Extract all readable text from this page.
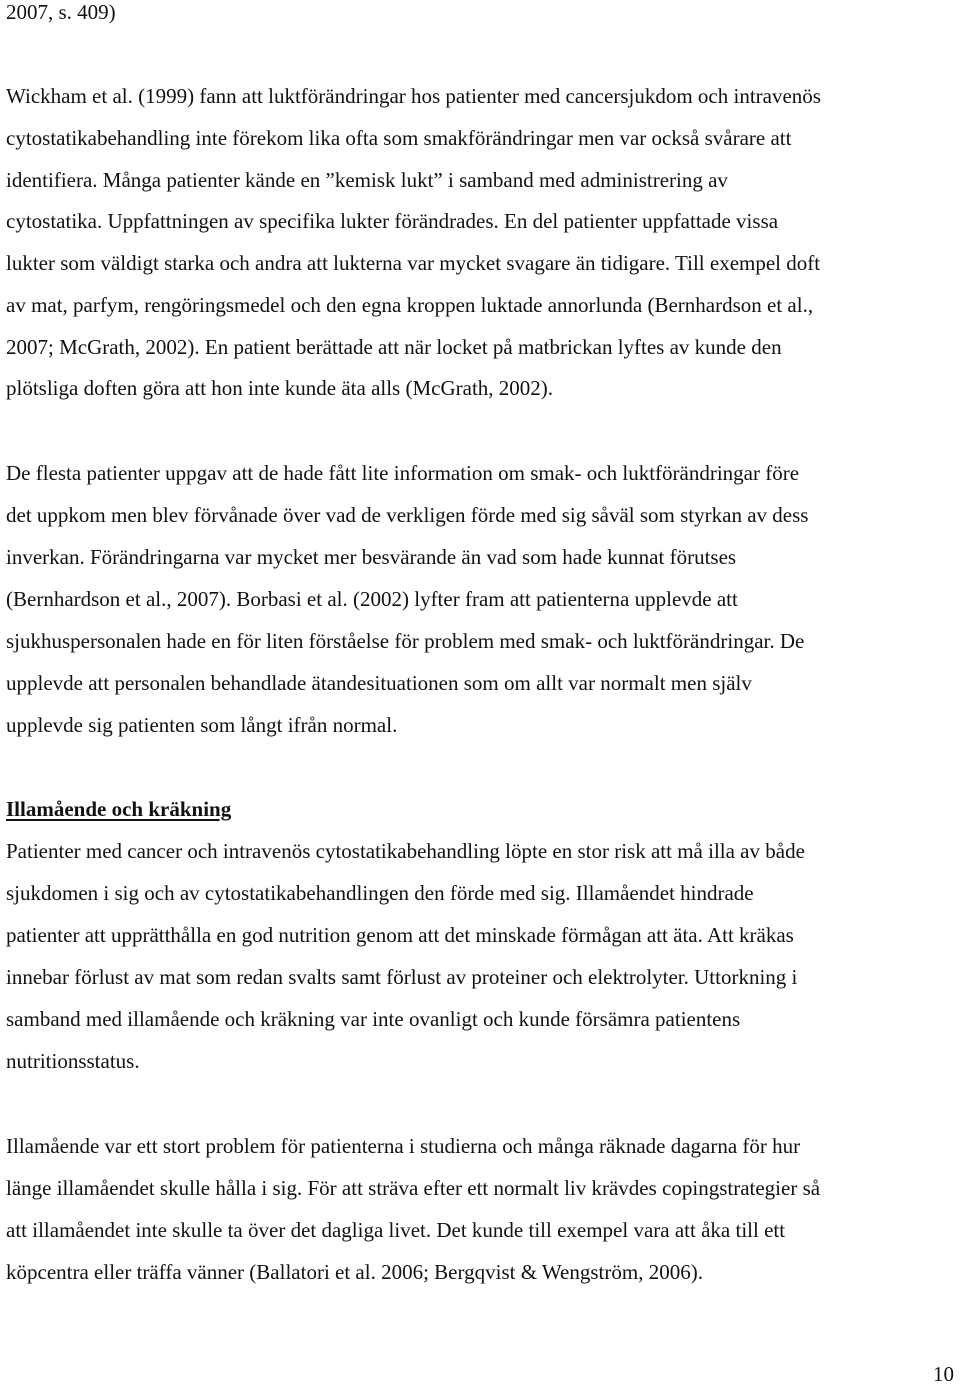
2007, s. 409)
Wickham et al. (1999) fann att luktförändringar hos patienter med cancersjukdom och intravenös
cytostatikabehandling inte förekom lika ofta som smakförändringar men var också svårare att
identifiera. Många patienter kände en ”kemisk lukt” i samband med administrering av
cytostatika. Uppfattningen av specifika lukter förändrades. En del patienter uppfattade vissa
lukter som väldigt starka och andra att lukterna var mycket svagare än tidigare. Till exempel doft
av mat, parfym, rengöringsmedel och den egna kroppen luktade annorlunda (Bernhardson et al.,
2007; McGrath, 2002). En patient berättade att när locket på matbrickan lyftes av kunde den
plötsliga doften göra att hon inte kunde äta alls (McGrath, 2002).
De flesta patienter uppgav att de hade fått lite information om smak- och luktförändringar före
det uppkom men blev förvånade över vad de verkligen förde med sig såväl som styrkan av dess
inverkan. Förändringarna var mycket mer besvärande än vad som hade kunnat förutses
(Bernhardson et al., 2007). Borbasi et al. (2002) lyfter fram att patienterna upplevde att
sjukhuspersonalen hade en för liten förståelse för problem med smak- och luktförändringar. De
upplevde att personalen behandlade ätandesituationen som om allt var normalt men själv
upplevde sig patienten som långt ifrån normal.
Illamående och kräkning
Patienter med cancer och intravenös cytostatikabehandling löpte en stor risk att må illa av både
sjukdomen i sig och av cytostatikabehandlingen den förde med sig. Illamåendet hindrade
patienter att upprätthålla en god nutrition genom att det minskade förmågan att äta. Att kräkas
innebar förlust av mat som redan svalts samt förlust av proteiner och elektrolyter. Uttorkning i
samband med illamående och kräkning var inte ovanligt och kunde försämra patientens
nutritionsstatus.
Illamående var ett stort problem för patienterna i studierna och många räknade dagarna för hur
länge illamåendet skulle hålla i sig. För att sträva efter ett normalt liv krävdes copingstrategier så
att illamåendet inte skulle ta över det dagliga livet. Det kunde till exempel vara att åka till ett
köpcentra eller träffa vänner (Ballatori et al. 2006; Bergqvist & Wengström, 2006).
10
